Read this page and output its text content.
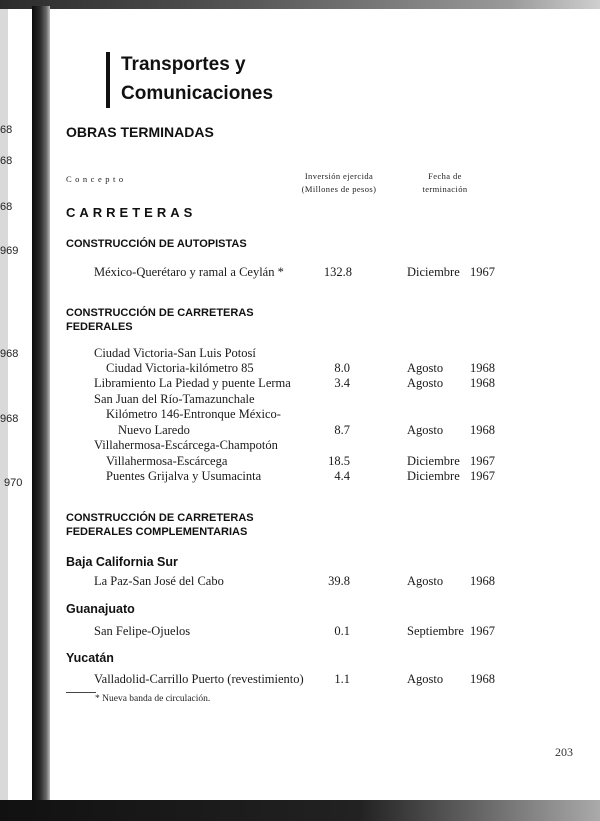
68
68
68
969
968
968
970
Transportes y
Comunicaciones
OBRAS TERMINADAS
Concepto	Inversión ejercida
(Millones de pesos)
Fecha de
terminación
CARRETERAS
CONSTRUCCIÓN DE AUTOPISTAS
México-Querétaro y ramal a Ceylán *	132.8	Diciembre 1967
CONSTRUCCIÓN DE CARRETERAS
FEDERALES
Ciudad Victoria-San Luis Potosí
Ciudad Victoria-kilómetro 85	8.0	Agosto 1968
Libramiento La Piedad y puente Lerma	3.4	Agosto 1968
San Juan del Río-Tamazunchale
Kilómetro 146-Entronque México-
Nuevo Laredo	8.7	Agosto 1968
Villahermosa-Escárcega-Champotón
Villahermosa-Escárcega	18.5	Diciembre 1967
Puentes Grijalva y Usumacinta	4.4	Diciembre 1967
CONSTRUCCIÓN DE CARRETERAS
FEDERALES COMPLEMENTARIAS
Baja California Sur
La Paz-San José del Cabo	39.8	Agosto 1968
Guanajuato
San Felipe-Ojuelos	0.1	Septiembre 1967
Yucatán
Valladolid-Carrillo Puerto (revestimiento)	1.1	Agosto 1968
* Nueva banda de circulación.
203
